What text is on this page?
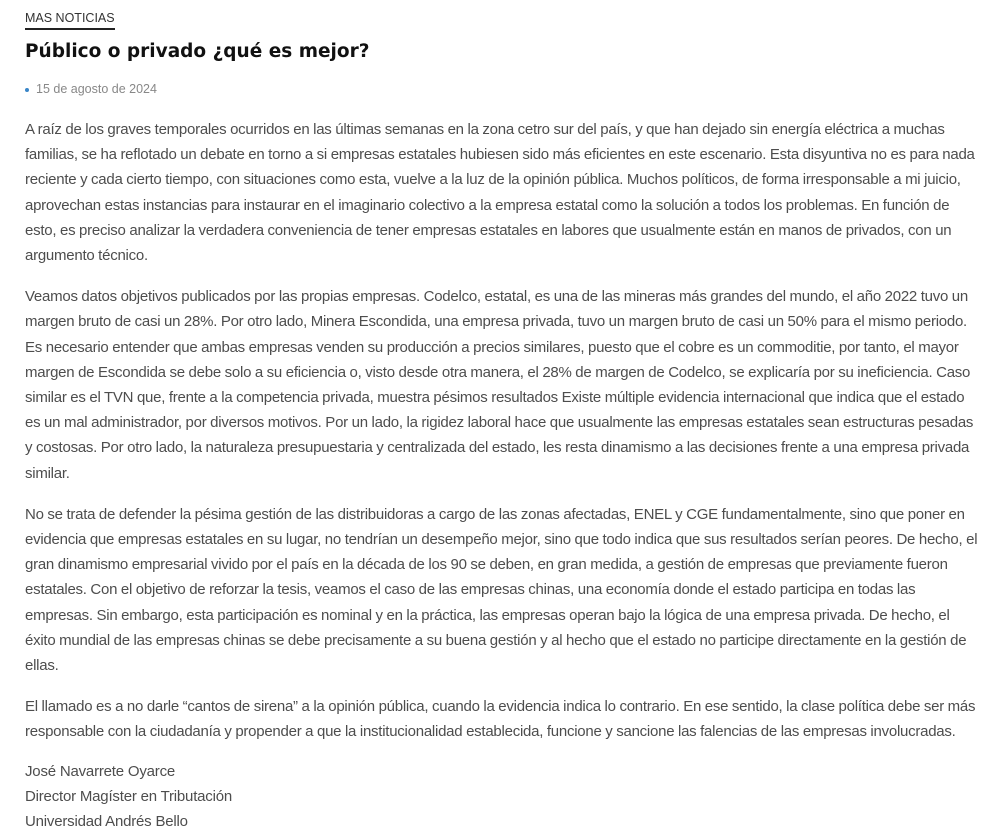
MAS NOTICIAS
Público o privado ¿qué es mejor?
15 de agosto de 2024

A raíz de los graves temporales ocurridos en las últimas semanas en la zona cetro sur del país, y que han dejado sin energía eléctrica a muchas familias, se ha reflotado un debate en torno a si empresas estatales hubiesen sido más eficientes en este escenario. Esta disyuntiva no es para nada reciente y cada cierto tiempo, con situaciones como esta, vuelve a la luz de la opinión pública. Muchos políticos, de forma irresponsable a mi juicio, aprovechan estas instancias para instaurar en el imaginario colectivo a la empresa estatal como la solución a todos los problemas. En función de esto, es preciso analizar la verdadera conveniencia de tener empresas estatales en labores que usualmente están en manos de privados, con un argumento técnico.

Veamos datos objetivos publicados por las propias empresas. Codelco, estatal, es una de las mineras más grandes del mundo, el año 2022 tuvo un margen bruto de casi un 28%. Por otro lado, Minera Escondida, una empresa privada, tuvo un margen bruto de casi un 50% para el mismo periodo. Es necesario entender que ambas empresas venden su producción a precios similares, puesto que el cobre es un commoditie, por tanto, el mayor margen de Escondida se debe solo a su eficiencia o, visto desde otra manera, el 28% de margen de Codelco, se explicaría por su ineficiencia. Caso similar es el TVN que, frente a la competencia privada, muestra pésimos resultados Existe múltiple evidencia internacional que indica que el estado es un mal administrador, por diversos motivos. Por un lado, la rigidez laboral hace que usualmente las empresas estatales sean estructuras pesadas y costosas. Por otro lado, la naturaleza presupuestaria y centralizada del estado, les resta dinamismo a las decisiones frente a una empresa privada similar.

No se trata de defender la pésima gestión de las distribuidoras a cargo de las zonas afectadas, ENEL y CGE fundamentalmente, sino que poner en evidencia que empresas estatales en su lugar, no tendrían un desempeño mejor, sino que todo indica que sus resultados serían peores. De hecho, el gran dinamismo empresarial vivido por el país en la década de los 90 se deben, en gran medida, a gestión de empresas que previamente fueron estatales. Con el objetivo de reforzar la tesis, veamos el caso de las empresas chinas, una economía donde el estado participa en todas las empresas. Sin embargo, esta participación es nominal y en la práctica, las empresas operan bajo la lógica de una empresa privada. De hecho, el éxito mundial de las empresas chinas se debe precisamente a su buena gestión y al hecho que el estado no participe directamente en la gestión de ellas.

El llamado es a no darle “cantos de sirena” a la opinión pública, cuando la evidencia indica lo contrario. En ese sentido, la clase política debe ser más responsable con la ciudadanía y propender a que la institucionalidad establecida, funcione y sancione las falencias de las empresas involucradas.

José Navarrete Oyarce
Director Magíster en Tributación
Universidad Andrés Bello
